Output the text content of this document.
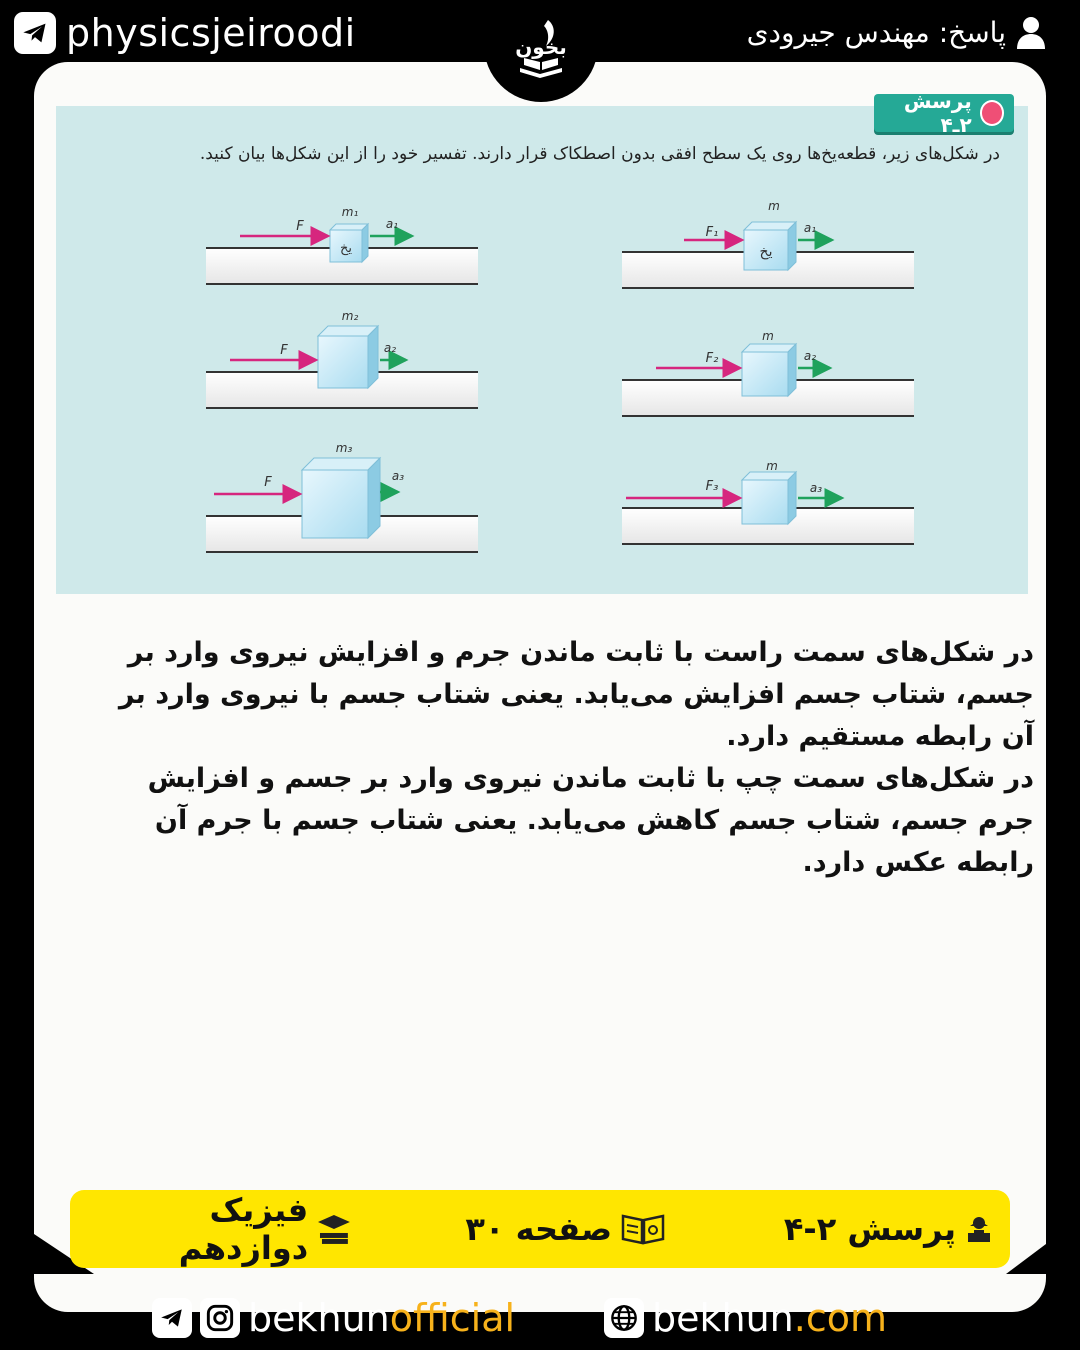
physicsjeiroodi	پاسخ: مهندس جیرودی
بخون
پرسش ۲ـ۴
در شکل‌های زیر، قطعه‌یخ‌ها روی یک سطح افقی بدون اصطکاک قرار دارند. تفسیر خود را از این شکل‌ها بیان کنید.
یخ
m
F₁	a₁
m
F₂	a₂
m
F₃	a₃
یخ
m₁
F	a₁
m₂
F	a₂
m₃
F	a₃

در شکل‌های سمت راست با ثابت ماندن جرم و افزایش نیروی وارد بر جسم، شتاب جسم افزایش می‌یابد. یعنی شتاب جسم با نیروی وارد بر آن رابطه مستقیم دارد.

در شکل‌های سمت چپ با ثابت ماندن نیروی وارد بر جسم و افزایش جرم جسم، شتاب جسم کاهش می‌یابد. یعنی شتاب جسم با جرم آن رابطه عکس دارد.

پرسش ۲-۴
صفحه ۳۰
فیزیک دوازدهم
bekhunofficial	bekhun.com
